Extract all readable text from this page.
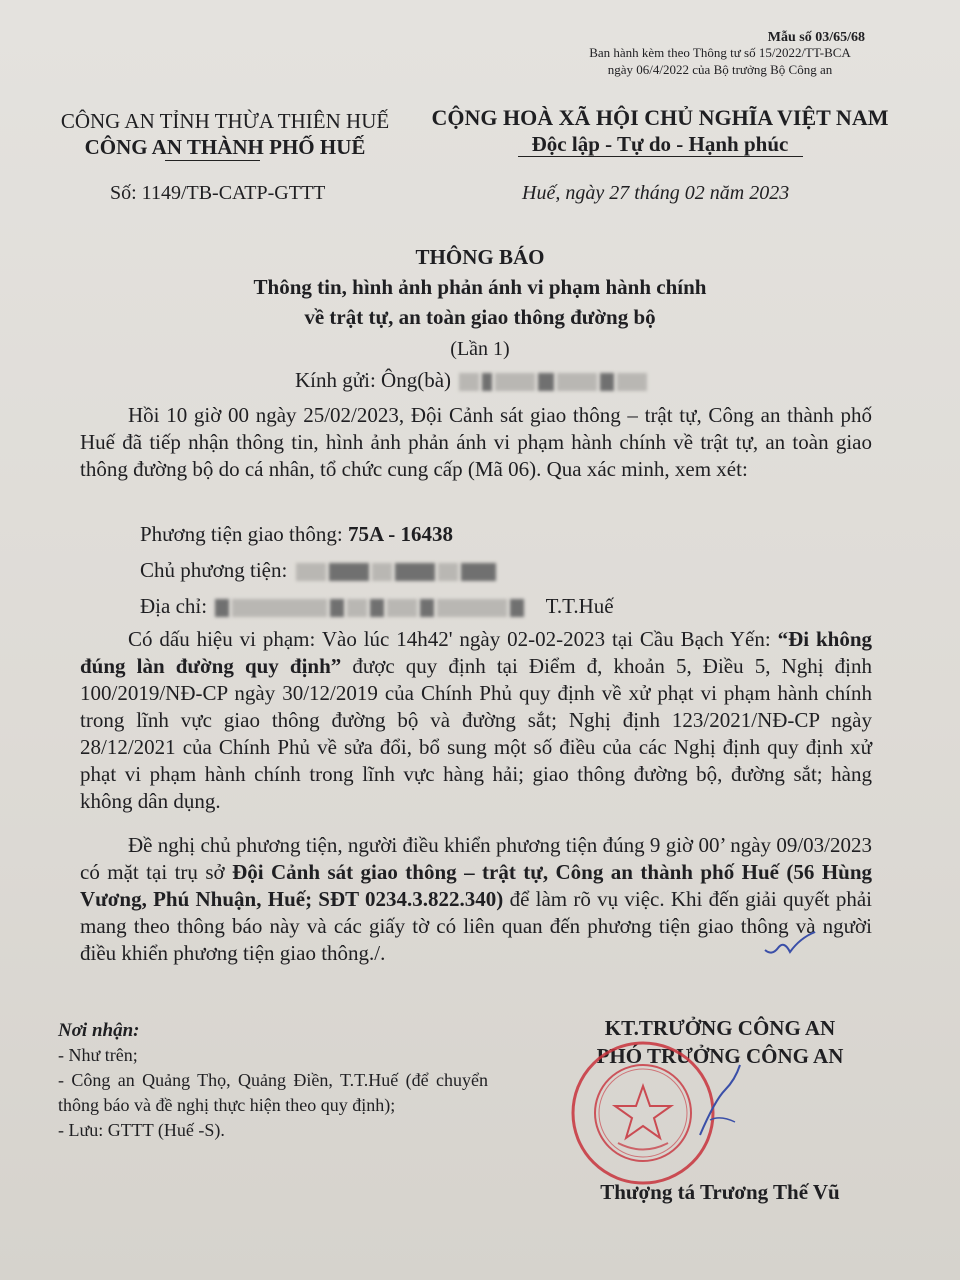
Mẫu số 03/65/68
Ban hành kèm theo Thông tư số 15/2022/TT-BCA
ngày 06/4/2022 của Bộ trưởng Bộ Công an
CÔNG AN TỈNH THỪA THIÊN HUẾ
CÔNG AN THÀNH PHỐ HUẾ
CỘNG HOÀ XÃ HỘI CHỦ NGHĨA VIỆT NAM
Độc lập - Tự do - Hạnh phúc
Số: 1149/TB-CATP-GTTT	Huế, ngày 27 tháng 02 năm 2023
THÔNG BÁO
Thông tin, hình ảnh phản ánh vi phạm hành chính
về trật tự, an toàn giao thông đường bộ
(Lần 1)
Kính gửi: Ông(bà)

Hồi 10 giờ 00 ngày 25/02/2023, Đội Cảnh sát giao thông – trật tự, Công an thành phố Huế đã tiếp nhận thông tin, hình ảnh phản ánh vi phạm hành chính về trật tự, an toàn giao thông đường bộ do cá nhân, tổ chức cung cấp (Mã 06). Qua xác minh, xem xét:

Phương tiện giao thông: 75A - 16438
Chủ phương tiện:
Địa chỉ:	T.T.Huế

Có dấu hiệu vi phạm: Vào lúc 14h42' ngày 02-02-2023 tại Cầu Bạch Yến: “Đi không đúng làn đường quy định” được quy định tại Điểm đ, khoản 5, Điều 5, Nghị định 100/2019/NĐ-CP ngày 30/12/2019 của Chính Phủ quy định về xử phạt vi phạm hành chính trong lĩnh vực giao thông đường bộ và đường sắt; Nghị định 123/2021/NĐ-CP ngày 28/12/2021 của Chính Phủ về sửa đổi, bổ sung một số điều của các Nghị định quy định xử phạt vi phạm hành chính trong lĩnh vực hàng hải; giao thông đường bộ, đường sắt; hàng không dân dụng.

Đề nghị chủ phương tiện, người điều khiển phương tiện đúng 9 giờ 00’ ngày 09/03/2023 có mặt tại trụ sở Đội Cảnh sát giao thông – trật tự, Công an thành phố Huế (56 Hùng Vương, Phú Nhuận, Huế; SĐT 0234.3.822.340) để làm rõ vụ việc. Khi đến giải quyết phải mang theo thông báo này và các giấy tờ có liên quan đến phương tiện giao thông và người điều khiển phương tiện giao thông./.

Nơi nhận:
- Như trên;
- Công an Quảng Thọ, Quảng Điền, T.T.Huế (để chuyển thông báo và đề nghị thực hiện theo quy định);
- Lưu: GTTT (Huế -S).
KT.TRƯỞNG CÔNG AN
PHÓ TRƯỞNG CÔNG AN
Thượng tá Trương Thế Vũ
